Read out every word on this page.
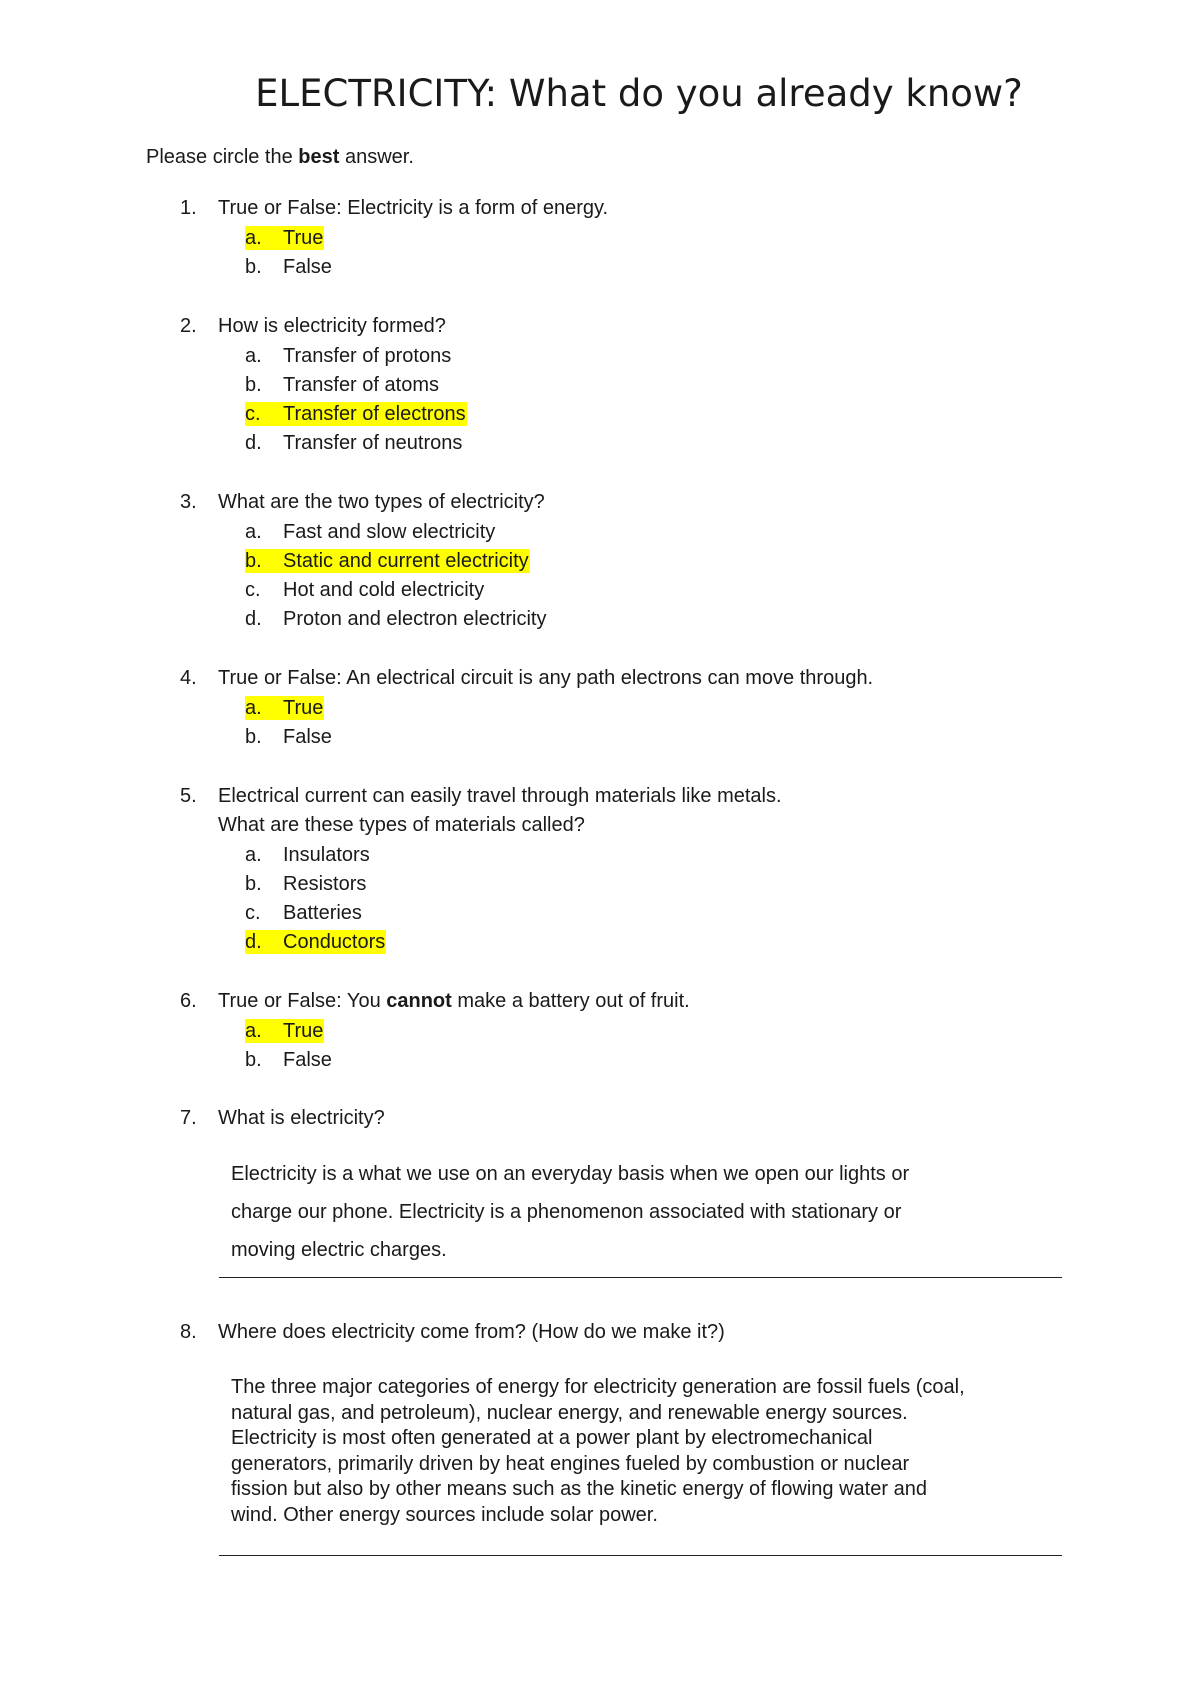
ELECTRICITY: What do you already know?

Please circle the best answer.

1. True or False: Electricity is a form of energy.
a. True
b. False
2. How is electricity formed?
a. Transfer of protons
b. Transfer of atoms
c. Transfer of electrons
d. Transfer of neutrons
3. What are the two types of electricity?
a. Fast and slow electricity
b. Static and current electricity
c. Hot and cold electricity
d. Proton and electron electricity
4. True or False: An electrical circuit is any path electrons can move through.
a. True
b. False
5. Electrical current can easily travel through materials like metals.
What are these types of materials called?
a. Insulators
b. Resistors
c. Batteries
d. Conductors
6. True or False: You cannot make a battery out of fruit.
a. True
b. False
7. What is electricity?
Electricity is a what we use on an everyday basis when we open our lights or
charge our phone. Electricity is a phenomenon associated with stationary or
moving electric charges.
8. Where does electricity come from? (How do we make it?)
The three major categories of energy for electricity generation are fossil fuels (coal,
natural gas, and petroleum), nuclear energy, and renewable energy sources.
Electricity is most often generated at a power plant by electromechanical
generators, primarily driven by heat engines fueled by combustion or nuclear
fission but also by other means such as the kinetic energy of flowing water and
wind. Other energy sources include solar power.
